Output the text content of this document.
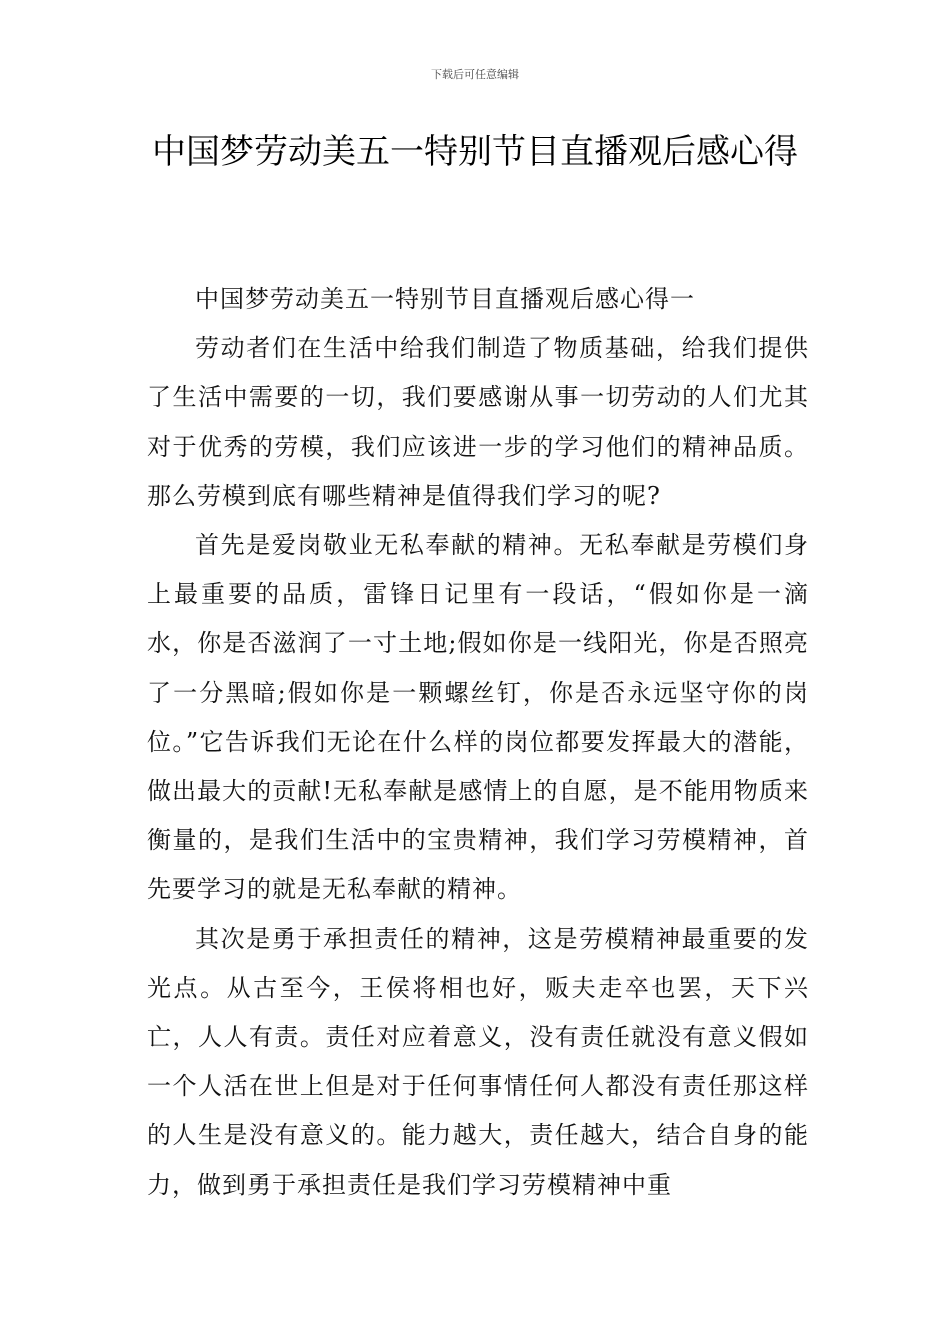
下载后可任意编辑
中国梦劳动美五一特别节目直播观后感心得

中国梦劳动美五一特别节目直播观后感心得一

劳动者们在生活中给我们制造了物质基础，给我们提供了生活中需要的一切，我们要感谢从事一切劳动的人们尤其对于优秀的劳模，我们应该进一步的学习他们的精神品质。那么劳模到底有哪些精神是值得我们学习的呢?

首先是爱岗敬业无私奉献的精神。无私奉献是劳模们身上最重要的品质，雷锋日记里有一段话，“假如你是一滴水，你是否滋润了一寸土地;假如你是一线阳光，你是否照亮了一分黑暗;假如你是一颗螺丝钉，你是否永远坚守你的岗位。”它告诉我们无论在什么样的岗位都要发挥最大的潜能，做出最大的贡献!无私奉献是感情上的自愿，是不能用物质来衡量的，是我们生活中的宝贵精神，我们学习劳模精神，首先要学习的就是无私奉献的精神。

其次是勇于承担责任的精神，这是劳模精神最重要的发光点。从古至今，王侯将相也好，贩夫走卒也罢，天下兴亡，人人有责。责任对应着意义，没有责任就没有意义假如一个人活在世上但是对于任何事情任何人都没有责任那这样的人生是没有意义的。能力越大，责任越大，结合自身的能力，做到勇于承担责任是我们学习劳模精神中重
